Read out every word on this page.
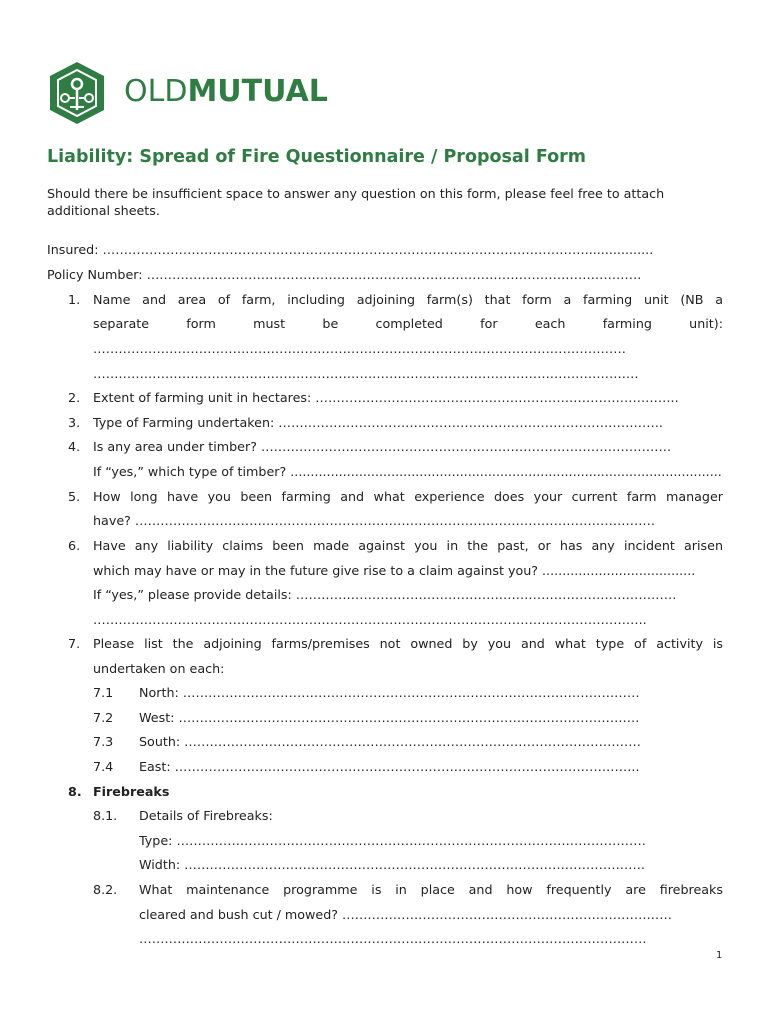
OLDMUTUAL
Liability: Spread of Fire Questionnaire / Proposal Form
Should there be insufficient space to answer any question on this form, please feel free to attach
additional sheets.
Insured: …………………………………………………………………………………………………….................
Policy Number: ………………………………………………………………………………………………………
1. Name and area of farm, including adjoining farm(s) that form a farming unit (NB a
separate form must be completed for each farming unit):
………………………………………………………………………………………………………………
…………………………………………………………………………………………………………………
2. Extent of farming unit in hectares: …………………………………………………………………………..
3. Type of Farming undertaken: ……………………………………………………………………………….
4. Is any area under timber? …………………………………………………………………………………….
If “yes,” which type of timber? ...........................................................................................................
5. How long have you been farming and what experience does your current farm manager
have? ……………………………………………………………………………………………………………
6. Have any liability claims been made against you in the past, or has any incident arisen
which may have or may in the future give rise to a claim against you? ......................................
If “yes,” please provide details: ………………………………………………………………………………
…………………………………………………………………………………………………………………..
7. Please list the adjoining farms/premises not owned by you and what type of activity is
undertaken on each:
7.1 North: ………………………………………………………………………………………………
7.2 West: ……………………………………………………………………………………………….
7.3 South: ………………………………………………………………………………………………
7.4 East: ………………………………………………………………………………………………..
8. Firebreaks
8.1. Details of Firebreaks:
Type: …………………………………………………………………………………………………
Width: ……………………………………………………………………………………………….
8.2. What maintenance programme is in place and how frequently are firebreaks
cleared and bush cut / mowed? ……………………………………………………………………
…………………………………………………………………………………………………………
1
